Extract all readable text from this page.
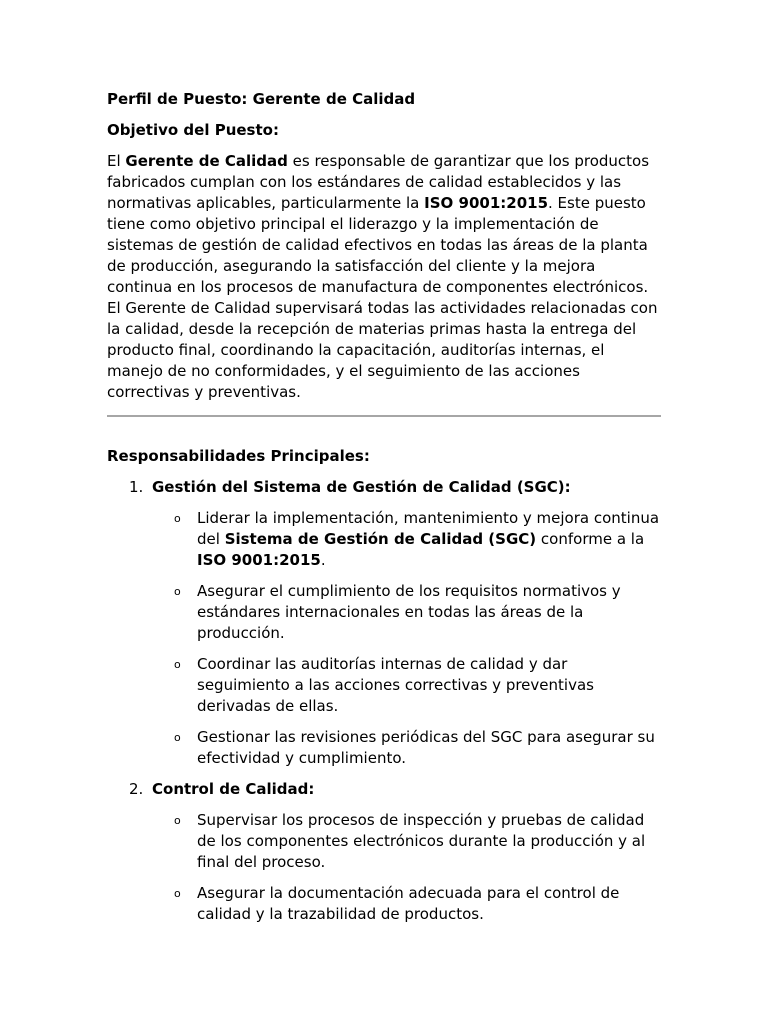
Perfil de Puesto: Gerente de Calidad
Objetivo del Puesto:

El Gerente de Calidad es responsable de garantizar que los productos fabricados cumplan con los estándares de calidad establecidos y las normativas aplicables, particularmente la ISO 9001:2015. Este puesto tiene como objetivo principal el liderazgo y la implementación de sistemas de gestión de calidad efectivos en todas las áreas de la planta de producción, asegurando la satisfacción del cliente y la mejora continua en los procesos de manufactura de componentes electrónicos. El Gerente de Calidad supervisará todas las actividades relacionadas con la calidad, desde la recepción de materias primas hasta la entrega del producto final, coordinando la capacitación, auditorías internas, el manejo de no conformidades, y el seguimiento de las acciones correctivas y preventivas.

Responsabilidades Principales:
1. Gestión del Sistema de Gestión de Calidad (SGC):
o Liderar la implementación, mantenimiento y mejora continua del Sistema de Gestión de Calidad (SGC) conforme a la ISO 9001:2015.
o Asegurar el cumplimiento de los requisitos normativos y estándares internacionales en todas las áreas de la producción.
o Coordinar las auditorías internas de calidad y dar seguimiento a las acciones correctivas y preventivas derivadas de ellas.
o Gestionar las revisiones periódicas del SGC para asegurar su efectividad y cumplimiento.
2. Control de Calidad:
o Supervisar los procesos de inspección y pruebas de calidad de los componentes electrónicos durante la producción y al final del proceso.
o Asegurar la documentación adecuada para el control de calidad y la trazabilidad de productos.
